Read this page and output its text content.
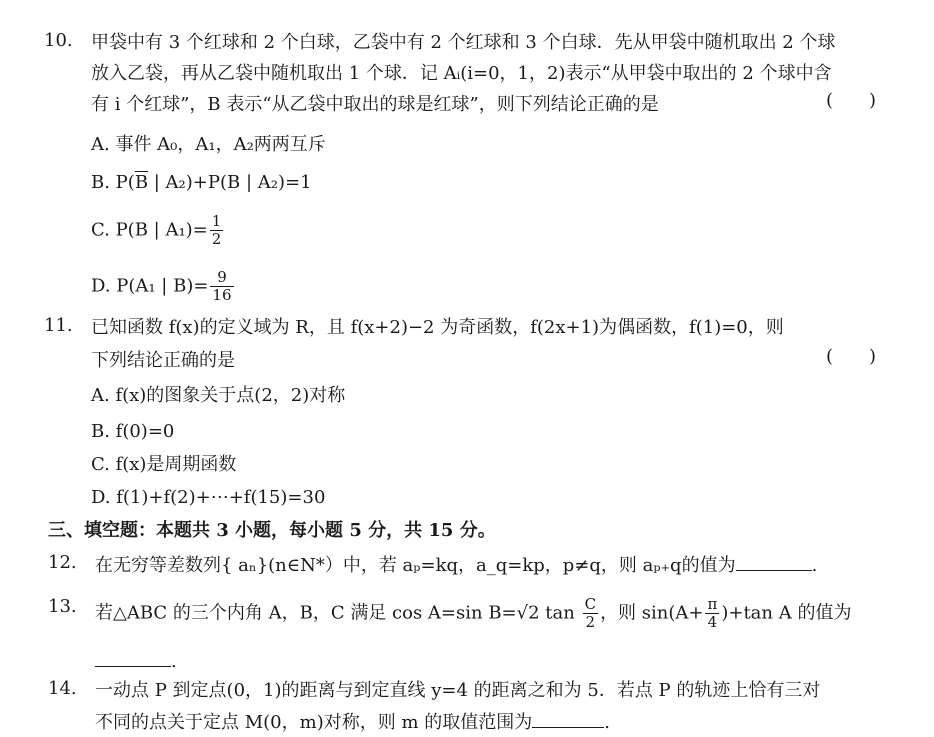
10.	甲袋中有 3 个红球和 2 个白球，乙袋中有 2 个红球和 3 个白球．先从甲袋中随机取出 2 个球
放入乙袋，再从乙袋中随机取出 1 个球．记 Aᵢ(i=0，1，2)表示“从甲袋中取出的 2 个球中含
有 i 个红球”，B 表示“从乙袋中取出的球是红球”，则下列结论正确的是	(　　)
A. 事件 A₀，A₁，A₂两两互斥
B. $P(\overline{B}$ | A₂)+P(B | A₂)=1
C. P(B | $A_1)= \frac{1}{2}$
D. P(A₁ | $B)= \frac{9}{16}$
11.	已知函数 f(x)的定义域为 R，且 f(x+2)−2 为奇函数，f(2x+1)为偶函数，f(1)=0，则
下列结论正确的是	(　　)
A. f(x)的图象关于点(2，2)对称
B. f(0)=0
C. f(x)是周期函数
D. f(1)+f(2)+⋯+f(15)=30
三、填空题：本题共 3 小题，每小题 5 分，共 15 分。
12.	在无穷等差数列{ aₙ}(n∈N*）中，若 aₚ=kq，a_q=kp，p≠q，则 aₚ₊q的值为	.
13.	若△ABC 的三个内角 A，B，C 满足 cos A=sin B=√2 $\tan \frac{C}{2}$ ，则 $\sin(A+ \frac{\pi}{4} )+\tan$ A 的值为
.
14.	一动点 P 到定点(0，1)的距离与到定直线 y=4 的距离之和为 5．若点 P 的轨迹上恰有三对
不同的点关于定点 M(0，m)对称，则 m 的取值范围为	.
